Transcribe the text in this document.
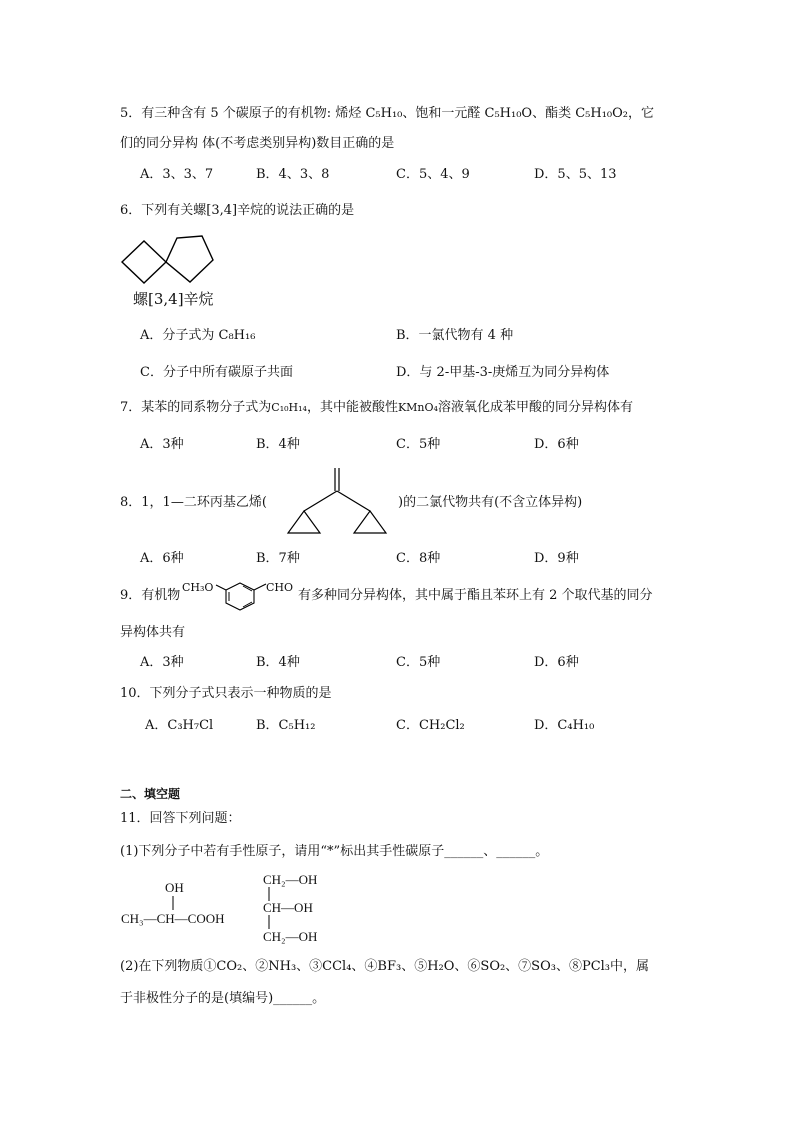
5．有三种含有 5 个碳原子的有机物: 烯烃 C₅H₁₀、饱和一元醛 C₅H₁₀O、酯类 C₅H₁₀O₂，它
们的同分异构 体(不考虑类别异构)数目正确的是
A．3、3、7	B．4、3、8	C．5、4、9	D．5、5、13
6．下列有关螺[3,4]辛烷的说法正确的是
螺[3,4]辛烷
A．分子式为 C₈H₁₆	B．一氯代物有 4 种
C．分子中所有碳原子共面	D．与 2-甲基-3-庚烯互为同分异构体
7．某苯的同系物分子式为C₁₀H₁₄，其中能被酸性KMnO₄溶液氧化成苯甲酸的同分异构体有
A．3种	B．4种	C．5种	D．6种
8．1，1—二环丙基乙烯(	)的二氯代物共有(不含立体异构)
A．6种	B．7种	C．8种	D．9种
9．有机物
CH₃O	CHO
有多种同分异构体，其中属于酯且苯环上有 2 个取代基的同分
异构体共有
A．3种	B．4种	C．5种	D．6种
10．下列分子式只表示一种物质的是
A．C₃H₇Cl	B．C₅H₁₂	C．CH₂Cl₂	D．C₄H₁₀
二、填空题
11．回答下列问题：
(1)下列分子中若有手性原子，请用“*”标出其手性碳原子______、______。
OH
CH₃—CH—COOH
CH₂—OH
CH—OH
CH₂—OH
(2)在下列物质①CO₂、②NH₃、③CCl₄、④BF₃、⑤H₂O、⑥SO₂、⑦SO₃、⑧PCl₃中，属
于非极性分子的是(填编号)______。
